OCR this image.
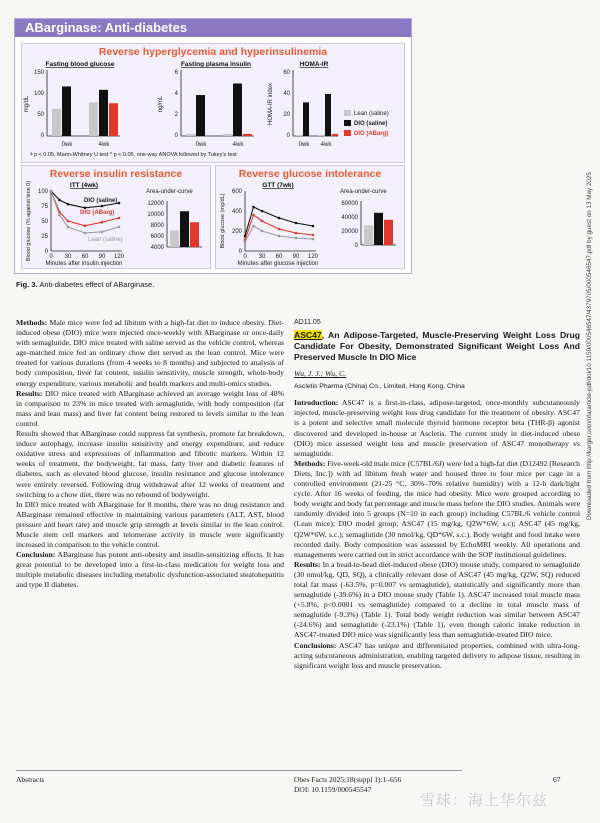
ABarginase: Anti-diabetes
Reverse hyperglycemia and hyperinsulinemia
Fasting blood glucose
mg/dL
150
100
50
0
0wk	4wk
Fasting plasma insulin
ng/mL
6
4
2
0
0wk	4wk
HOMA-IR
HOMA-IR index
60
40
20
0
0wk 4wk
Lean (saline)
DIO (saline)
DIO (ABarg)
ᵠ p < 0.05, Mann-Whitney U test * p < 0.05, one-way ANOVA followed by Tukey's test
Reverse insulin resistance
ITT (4wk)
Blood glucose (% against time 0) 100
75
50
25
0
0 30 60 90 120
Minutes after insulin injection
DIO (saline)
DIO (ABarg)
Lean (saline)
Area-under-curve
12000
10000
8000
6000
4000
Reverse glucose intolerance
GTT (7wk)
Blood glucose (mg/dL)
600
400
200
0
0 30 60 90 120
Minutes after glucose injection
Area-under-curve
60000
40000
20000
0
Fig. 3. Anti-diabetes effect of ABarginase.	Downloaded from http://karger.com/ofa/article-pdf/doi/10.1159/000546547/4379705/000546547.pdf by guest on 13 May 2025

Methods: Male mice were fed ad libitum with a high-fat diet to induce obesity. Diet-induced obese (DIO) mice were injected once-weekly with ABarginase or once-daily with semaglutide, DIO mice treated with saline served as the vehicle control, whereas age-matched mice fed an ordinary chow diet served as the lean control. Mice were treated for various durations (from 4 weeks to 8 months) and subjected to analysis of body composition, liver fat content, insulin sensitivity, muscle strength, whole-body energy expenditure, various metabolic and health markers and multi-omics studies.

Results: DIO mice treated with ABarginase achieved an average weight loss of 48% in comparison to 23% in mice treated with semaglutide, with body composition (fat mass and lean mass) and liver fat content being restored to levels similar to the lean control.

Results showed that ABarginase could suppress fat synthesis, promote fat breakdown, induce autophagy, increase insulin sensitivity and energy expenditure, and reduce oxidative stress and expressions of inflammation and fibrotic markers. Within 12 weeks of treatment, the bodyweight, fat mass, fatty liver and diabetic features of diabetes, such as elevated blood glucose, insulin resistance and glucose intolerance were entirely reversed. Following drug withdrawal after 12 weeks of treatment and switching to a chow diet, there was no rebound of bodyweight.

In DIO mice treated with ABarginase for 8 months, there was no drug resistance and ABarginase remained effective in maintaining various parameters (ALT, AST, blood pressure and heart rate) and muscle grip strength at levels similar to the lean control. Muscle stem cell markers and telomerase activity in muscle were significantly increased in comparison to the vehicle control.

Conclusion: ABarginase has potent anti-obesity and insulin-sensitizing effects. It has great potential to be developed into a first-in-class medication for weight loss and multiple metabolic diseases including metabolic dysfunction-associated steatohepatitis and type II diabetes.

AD11.05
ASC47, An Adipose-Targeted, Muscle-Preserving Weight Loss Drug Candidate For Obesity, Demonstrated Significant Weight Loss And Preserved Muscle In DIO Mice
Wu, J. J.; Wu, C.
Ascletis Pharma (China) Co., Limited, Hong Kong, China

Introduction: ASC47 is a first-in-class, adipose-targeted, once-monthly subcutaneously injected, muscle-preserving weight loss drug candidate for the treatment of obesity. ASC47 is a potent and selective small molecule thyroid hormone receptor beta (THR-β) agonist discovered and developed in-house at Ascletis. The current study in diet-induced obese (DIO) mice assessed weight loss and muscle preservation of ASC47 monotherapy vs semaglutide.

Methods: Five-week-old male mice (C57BL/6J) were fed a high-fat diet (D12492 [Research Diets, Inc.]) with ad libitum fresh water and housed three to four mice per cage in a controlled environment (21-25 °C, 30%–70% relative humidity) with a 12-h dark/light cycle. After 16 weeks of feeding, the mice had obesity. Mice were grouped according to body weight and body fat percentage and muscle mass before the DIO studies. Animals were randomly divided into 5 groups (N=10 in each group) including C57BL/6 vehicle control (Lean mice); DIO model group; ASC47 (15 mg/kg, Q2W*6W, s.c); ASC47 (45 mg/kg, Q2W*6W, s.c.); semaglutide (30 nmol/kg, QD*6W, s.c.). Body weight and food intake were recorded daily. Body composition was assessed by EchoMRI weekly. All operations and managements were carried out in strict accordance with the SOP institutional guidelines.

Results: In a head-to-head diet-induced obese (DIO) mouse study, compared to semaglutide (30 nmol/kg, QD, SQ), a clinically relevant dose of ASC47 (45 mg/kg, Q2W, SQ) reduced total fat mass (-63.5%, p=0.007 vs semaglutide), statistically and significantly more than semaglutide (-39.6%) in a DIO mouse study (Table 1). ASC47 increased total muscle mass (+5.8%, p<0.0001 vs semaglutide) compared to a decline in total muscle mass of semaglutide (-9.3%) (Table 1). Total body weight reduction was similar between ASC47 (-24.6%) and semaglutide (-23.1%) (Table 1), even though caloric intake reduction in ASC47-treated DIO mice was significantly less than semaglutide-treated DIO mice.

Conclusions: ASC47 has unique and differentiated properties, combined with ultra-long-acting subcutaneous administration, enabling targeted delivery to adipose tissue, resulting in significant weight loss and muscle preservation.

Abstracts	Obes Facts 2025;18(suppl 1):1–656
DOI: 10.1159/000545547
67
雪球：海上华尔兹
